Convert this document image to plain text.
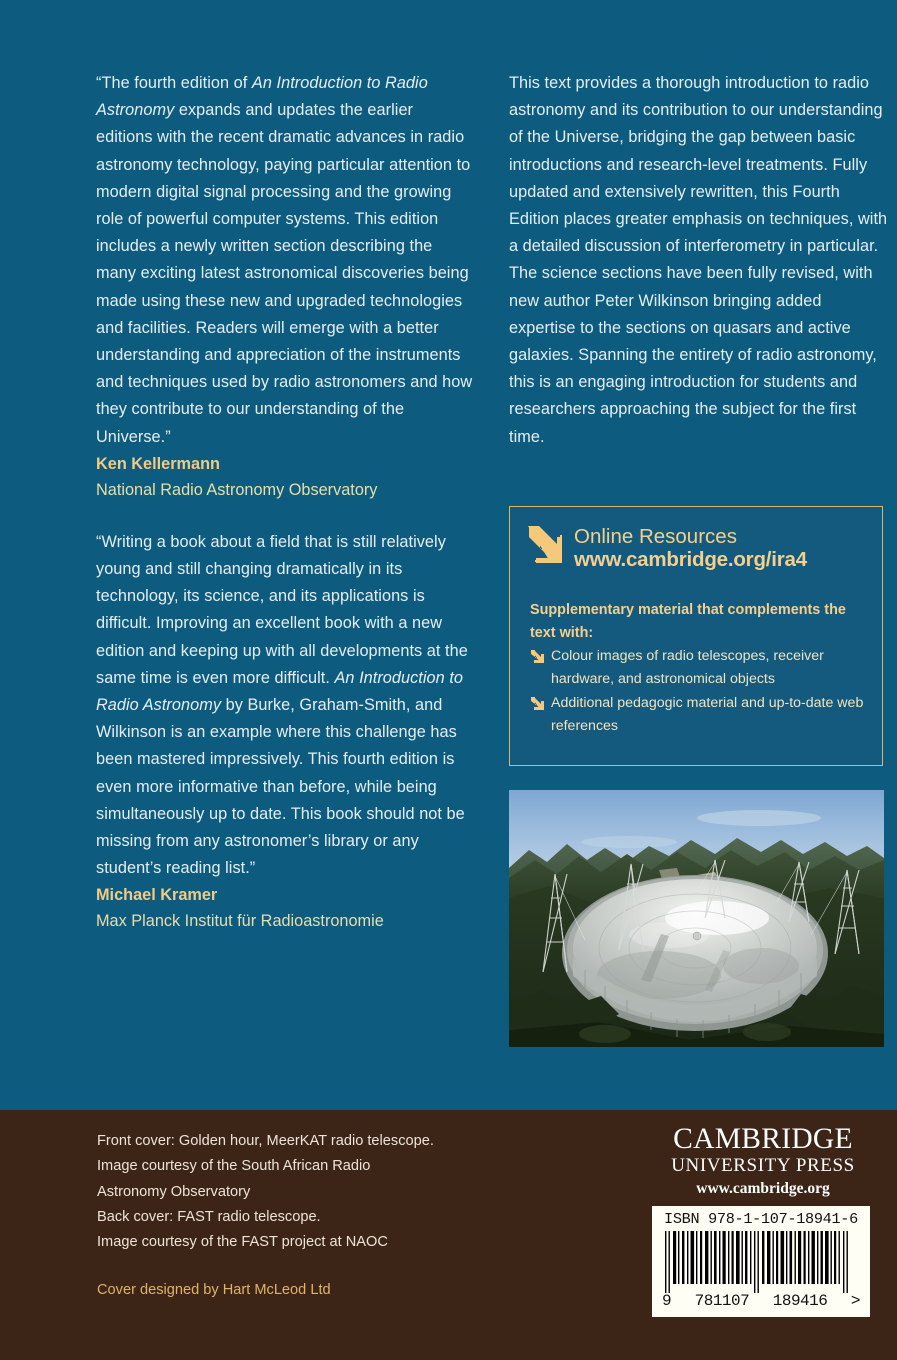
“The fourth edition of An Introduction to Radio Astronomy expands and updates the earlier editions with the recent dramatic advances in radio astronomy technology, paying particular attention to modern digital signal processing and the growing role of powerful computer systems. This edition includes a newly written section describing the many exciting latest astronomical discoveries being made using these new and upgraded technologies and facilities. Readers will emerge with a better understanding and appreciation of the instruments and techniques used by radio astronomers and how they contribute to our understanding of the Universe.”
Ken Kellermann
National Radio Astronomy Observatory
“Writing a book about a field that is still relatively young and still changing dramatically in its technology, its science, and its applications is difficult. Improving an excellent book with a new edition and keeping up with all developments at the same time is even more difficult. An Introduction to Radio Astronomy by Burke, Graham-Smith, and Wilkinson is an example where this challenge has been mastered impressively. This fourth edition is even more informative than before, while being simultaneously up to date. This book should not be missing from any astronomer’s library or any student’s reading list.”
Michael Kramer
Max Planck Institut für Radioastronomie
This text provides a thorough introduction to radio astronomy and its contribution to our understanding of the Universe, bridging the gap between basic introductions and research-level treatments. Fully updated and extensively rewritten, this Fourth Edition places greater emphasis on techniques, with a detailed discussion of interferometry in particular. The science sections have been fully revised, with new author Peter Wilkinson bringing added expertise to the sections on quasars and active galaxies. Spanning the entirety of radio astronomy, this is an engaging introduction for students and researchers approaching the subject for the first time.
Online Resources
www.cambridge.org/ira4
Supplementary material that complements the text with:
Colour images of radio telescopes, receiver hardware, and astronomical objects
Additional pedagogic material and up-to-date web references
Front cover: Golden hour, MeerKAT radio telescope.
Image courtesy of the South African Radio
Astronomy Observatory
Back cover: FAST radio telescope.
Image courtesy of the FAST project at NAOC
Cover designed by Hart McLeod Ltd
CAMBRIDGE
UNIVERSITY PRESS
www.cambridge.org
ISBN 978-1-107-18941-6
9 781107 189416 >
